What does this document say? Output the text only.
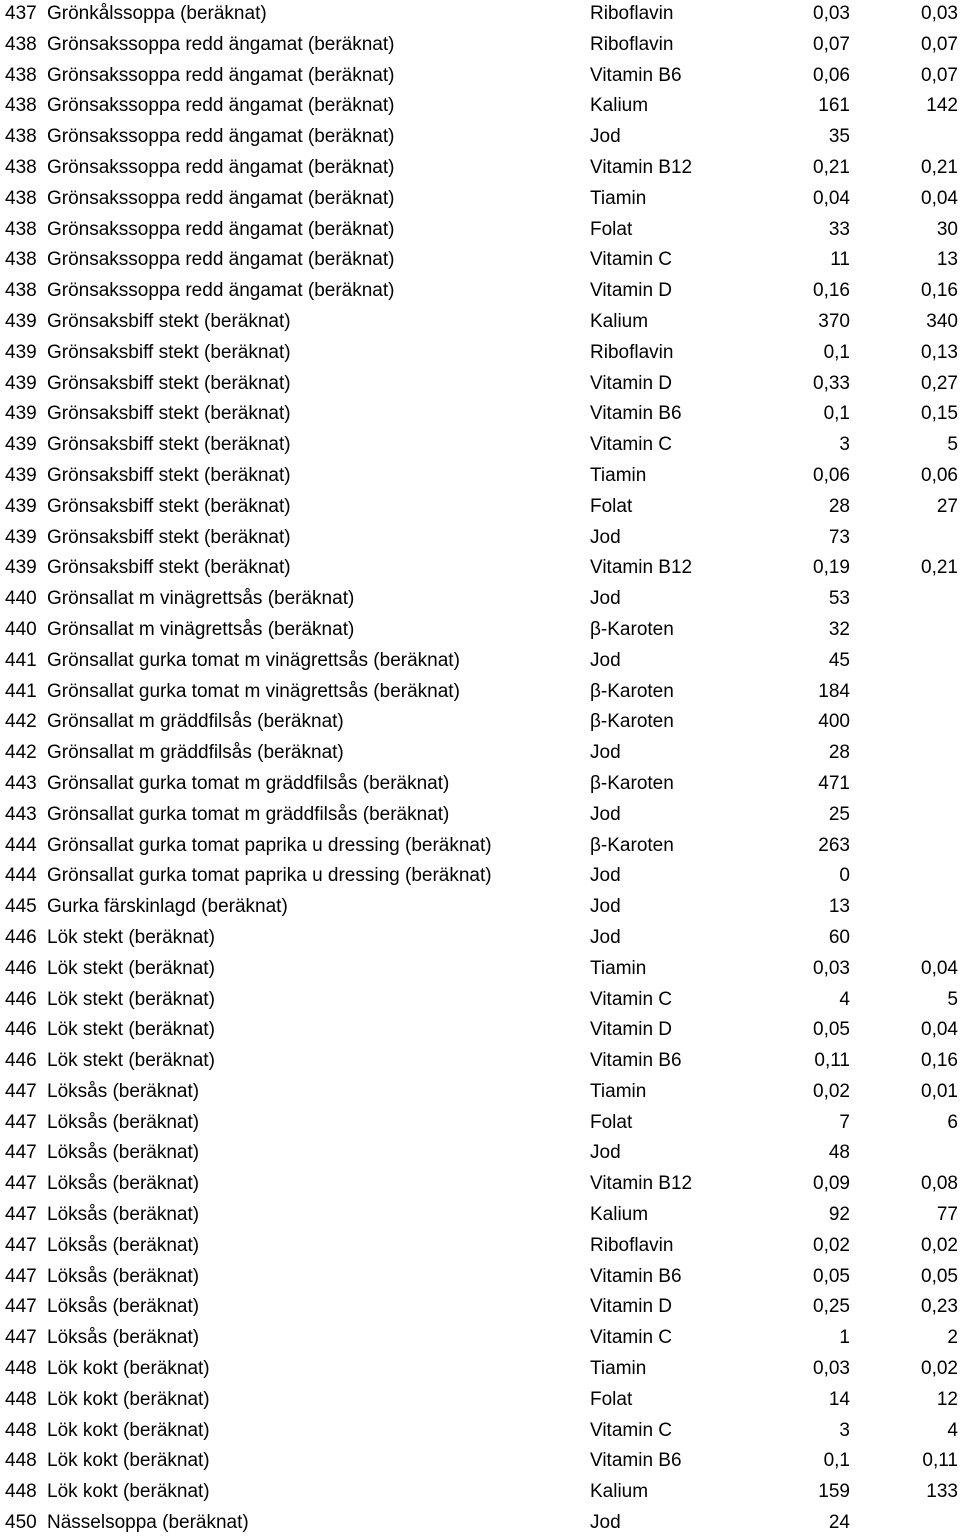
437 Grönkålssoppa (beräknat)	Riboflavin	0,03	0,03
438 Grönsakssoppa redd ängamat (beräknat)	Riboflavin	0,07	0,07
438 Grönsakssoppa redd ängamat (beräknat)	Vitamin B6	0,06	0,07
438 Grönsakssoppa redd ängamat (beräknat)	Kalium	161	142
438 Grönsakssoppa redd ängamat (beräknat)	Jod	35
438 Grönsakssoppa redd ängamat (beräknat)	Vitamin B12	0,21	0,21
438 Grönsakssoppa redd ängamat (beräknat)	Tiamin	0,04	0,04
438 Grönsakssoppa redd ängamat (beräknat)	Folat	33	30
438 Grönsakssoppa redd ängamat (beräknat)	Vitamin C	11	13
438 Grönsakssoppa redd ängamat (beräknat)	Vitamin D	0,16	0,16
439 Grönsaksbiff stekt (beräknat)	Kalium	370	340
439 Grönsaksbiff stekt (beräknat)	Riboflavin	0,1	0,13
439 Grönsaksbiff stekt (beräknat)	Vitamin D	0,33	0,27
439 Grönsaksbiff stekt (beräknat)	Vitamin B6	0,1	0,15
439 Grönsaksbiff stekt (beräknat)	Vitamin C	3	5
439 Grönsaksbiff stekt (beräknat)	Tiamin	0,06	0,06
439 Grönsaksbiff stekt (beräknat)	Folat	28	27
439 Grönsaksbiff stekt (beräknat)	Jod	73
439 Grönsaksbiff stekt (beräknat)	Vitamin B12	0,19	0,21
440 Grönsallat m vinägrettsås (beräknat)	Jod	53
440 Grönsallat m vinägrettsås (beräknat)	β-Karoten	32
441 Grönsallat gurka tomat m vinägrettsås (beräknat)	Jod	45
441 Grönsallat gurka tomat m vinägrettsås (beräknat)	β-Karoten	184
442 Grönsallat m gräddfilsås (beräknat)	β-Karoten	400
442 Grönsallat m gräddfilsås (beräknat)	Jod	28
443 Grönsallat gurka tomat m gräddfilsås (beräknat)	β-Karoten	471
443 Grönsallat gurka tomat m gräddfilsås (beräknat)	Jod	25
444 Grönsallat gurka tomat paprika u dressing (beräknat)	β-Karoten	263
444 Grönsallat gurka tomat paprika u dressing (beräknat)	Jod	0
445 Gurka färskinlagd (beräknat)	Jod	13
446 Lök stekt (beräknat)	Jod	60
446 Lök stekt (beräknat)	Tiamin	0,03	0,04
446 Lök stekt (beräknat)	Vitamin C	4	5
446 Lök stekt (beräknat)	Vitamin D	0,05	0,04
446 Lök stekt (beräknat)	Vitamin B6	0,11	0,16
447 Löksås (beräknat)	Tiamin	0,02	0,01
447 Löksås (beräknat)	Folat	7	6
447 Löksås (beräknat)	Jod	48
447 Löksås (beräknat)	Vitamin B12	0,09	0,08
447 Löksås (beräknat)	Kalium	92	77
447 Löksås (beräknat)	Riboflavin	0,02	0,02
447 Löksås (beräknat)	Vitamin B6	0,05	0,05
447 Löksås (beräknat)	Vitamin D	0,25	0,23
447 Löksås (beräknat)	Vitamin C	1	2
448 Lök kokt (beräknat)	Tiamin	0,03	0,02
448 Lök kokt (beräknat)	Folat	14	12
448 Lök kokt (beräknat)	Vitamin C	3	4
448 Lök kokt (beräknat)	Vitamin B6	0,1	0,11
448 Lök kokt (beräknat)	Kalium	159	133
450 Nässelsoppa (beräknat)	Jod	24
